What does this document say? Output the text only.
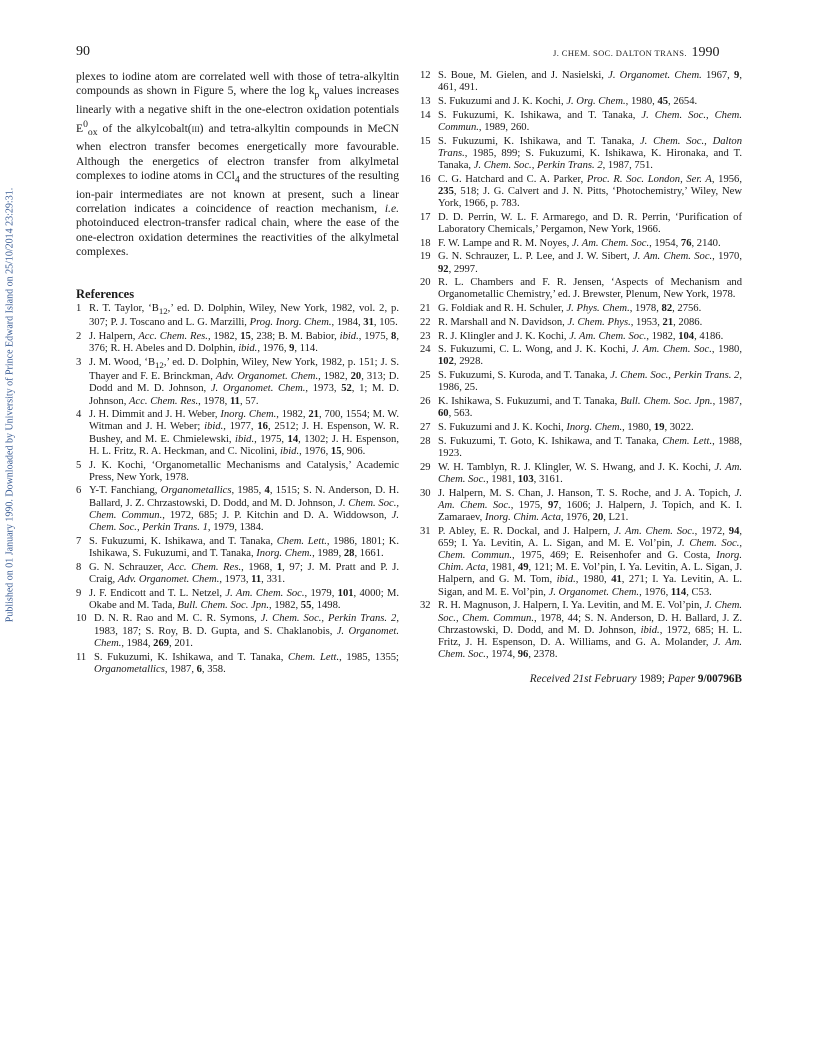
90	J. CHEM. SOC. DALTON TRANS. 1990
Published on 01 January 1990. Downloaded by University of Prince Edward Island on 25/10/2014 23:29:31.

plexes to iodine atom are correlated well with those of tetra-alkyltin compounds as shown in Figure 5, where the $\log k_p$ values increases linearly with a negative shift in the one-electron oxidation potentials $E^0_{ox}$ of the alkylcobalt(iii) and tetra-alkyltin compounds in MeCN when electron transfer becomes energetically more favourable. Although the energetics of electron transfer from alkylmetal complexes to iodine atoms in CCl$_4$ and the structures of the resulting ion-pair intermediates are not known at present, such a linear correlation indicates a coincidence of reaction mechanism, i.e. photoinduced electron-transfer radical chain, where the ease of the one-electron oxidation determines the reactivities of the alkylmetal complexes.

References
1 R. T. Taylor, ‘$B_{12}$,’ ed. D. Dolphin, Wiley, New York, 1982, vol. 2, p. 307; P. J. Toscano and L. G. Marzilli, Prog. Inorg. Chem., 1984, 31, 105.
2 J. Halpern, Acc. Chem. Res., 1982, 15, 238; B. M. Babior, ibid., 1975, 8, 376; R. H. Abeles and D. Dolphin, ibid., 1976, 9, 114.
3 J. M. Wood, ‘$B_{12}$,’ ed. D. Dolphin, Wiley, New York, 1982, p. 151; J. S. Thayer and F. E. Brinckman, Adv. Organomet. Chem., 1982, 20, 313; D. Dodd and M. D. Johnson, J. Organomet. Chem., 1973, 52, 1; M. D. Johnson, Acc. Chem. Res., 1978, 11, 57.
4 J. H. Dimmit and J. H. Weber, Inorg. Chem., 1982, 21, 700, 1554; M. W. Witman and J. H. Weber; ibid., 1977, 16, 2512; J. H. Espenson, W. R. Bushey, and M. E. Chmielewski, ibid., 1975, 14, 1302; J. H. Espenson, H. L. Fritz, R. A. Heckman, and C. Nicolini, ibid., 1976, 15, 906.
5 J. K. Kochi, ‘Organometallic Mechanisms and Catalysis,’ Academic Press, New York, 1978.
6 Y-T. Fanchiang, Organometallics, 1985, 4, 1515; S. N. Anderson, D. H. Ballard, J. Z. Chrzastowski, D. Dodd, and M. D. Johnson, J. Chem. Soc., Chem. Commun., 1972, 685; J. P. Kitchin and D. A. Widdowson, J. Chem. Soc., Perkin Trans. 1, 1979, 1384.
7 S. Fukuzumi, K. Ishikawa, and T. Tanaka, Chem. Lett., 1986, 1801; K. Ishikawa, S. Fukuzumi, and T. Tanaka, Inorg. Chem., 1989, 28, 1661.
8 G. N. Schrauzer, Acc. Chem. Res., 1968, 1, 97; J. M. Pratt and P. J. Craig, Adv. Organomet. Chem., 1973, 11, 331.
9 J. F. Endicott and T. L. Netzel, J. Am. Chem. Soc., 1979, 101, 4000; M. Okabe and M. Tada, Bull. Chem. Soc. Jpn., 1982, 55, 1498.
10 D. N. R. Rao and M. C. R. Symons, J. Chem. Soc., Perkin Trans. 2, 1983, 187; S. Roy, B. D. Gupta, and S. Chaklanobis, J. Organomet. Chem., 1984, 269, 201.
11 S. Fukuzumi, K. Ishikawa, and T. Tanaka, Chem. Lett., 1985, 1355; Organometallics, 1987, 6, 358.
12 S. Boue, M. Gielen, and J. Nasielski, J. Organomet. Chem. 1967, 9, 461, 491.
13 S. Fukuzumi and J. K. Kochi, J. Org. Chem., 1980, 45, 2654.
14 S. Fukuzumi, K. Ishikawa, and T. Tanaka, J. Chem. Soc., Chem. Commun., 1989, 260.
15 S. Fukuzumi, K. Ishikawa, and T. Tanaka, J. Chem. Soc., Dalton Trans., 1985, 899; S. Fukuzumi, K. Ishikawa, K. Hironaka, and T. Tanaka, J. Chem. Soc., Perkin Trans. 2, 1987, 751.
16 C. G. Hatchard and C. A. Parker, Proc. R. Soc. London, Ser. A, 1956, 235, 518; J. G. Calvert and J. N. Pitts, ‘Photochemistry,’ Wiley, New York, 1966, p. 783.
17 D. D. Perrin, W. L. F. Armarego, and D. R. Perrin, ‘Purification of Laboratory Chemicals,’ Pergamon, New York, 1966.
18 F. W. Lampe and R. M. Noyes, J. Am. Chem. Soc., 1954, 76, 2140.
19 G. N. Schrauzer, L. P. Lee, and J. W. Sibert, J. Am. Chem. Soc., 1970, 92, 2997.
20 R. L. Chambers and F. R. Jensen, ‘Aspects of Mechanism and Organometallic Chemistry,’ ed. J. Brewster, Plenum, New York, 1978.
21 G. Foldiak and R. H. Schuler, J. Phys. Chem., 1978, 82, 2756.
22 R. Marshall and N. Davidson, J. Chem. Phys., 1953, 21, 2086.
23 R. J. Klingler and J. K. Kochi, J. Am. Chem. Soc., 1982, 104, 4186.
24 S. Fukuzumi, C. L. Wong, and J. K. Kochi, J. Am. Chem. Soc., 1980, 102, 2928.
25 S. Fukuzumi, S. Kuroda, and T. Tanaka, J. Chem. Soc., Perkin Trans. 2, 1986, 25.
26 K. Ishikawa, S. Fukuzumi, and T. Tanaka, Bull. Chem. Soc. Jpn., 1987, 60, 563.
27 S. Fukuzumi and J. K. Kochi, Inorg. Chem., 1980, 19, 3022.
28 S. Fukuzumi, T. Goto, K. Ishikawa, and T. Tanaka, Chem. Lett., 1988, 1923.
29 W. H. Tamblyn, R. J. Klingler, W. S. Hwang, and J. K. Kochi, J. Am. Chem. Soc., 1981, 103, 3161.
30 J. Halpern, M. S. Chan, J. Hanson, T. S. Roche, and J. A. Topich, J. Am. Chem. Soc., 1975, 97, 1606; J. Halpern, J. Topich, and K. I. Zamaraev, Inorg. Chim. Acta, 1976, 20, L21.
31 P. Abley, E. R. Dockal, and J. Halpern, J. Am. Chem. Soc., 1972, 94, 659; I. Ya. Levitin, A. L. Sigan, and M. E. Vol’pin, J. Chem. Soc., Chem. Commun., 1975, 469; E. Reisenhofer and G. Costa, Inorg. Chim. Acta, 1981, 49, 121; M. E. Vol’pin, I. Ya. Levitin, A. L. Sigan, J. Halpern, and G. M. Tom, ibid., 1980, 41, 271; I. Ya. Levitin, A. L. Sigan, and M. E. Vol’pin, J. Organomet. Chem., 1976, 114, C53.
32 R. H. Magnuson, J. Halpern, I. Ya. Levitin, and M. E. Vol’pin, J. Chem. Soc., Chem. Commun., 1978, 44; S. N. Anderson, D. H. Ballard, J. Z. Chrzastowski, D. Dodd, and M. D. Johnson, ibid., 1972, 685; H. L. Fritz, J. H. Espenson, D. A. Williams, and G. A. Molander, J. Am. Chem. Soc., 1974, 96, 2378.
Received 21st February 1989; Paper 9/00796B
